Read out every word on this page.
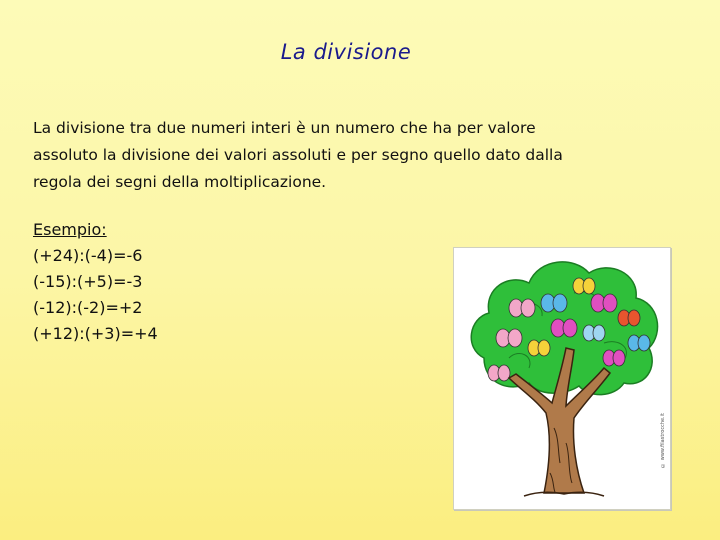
La divisione

La divisione tra due numeri interi è un numero che ha per valore

assoluto la divisione dei valori assoluti e per segno quello dato dalla

regola dei segni della moltiplicazione.

Esempio:
(+24):(-4)=-6
(-15):(+5)=-3
(-12):(-2)=+2
(+12):(+3)=+4
© www.filastrocche.it
